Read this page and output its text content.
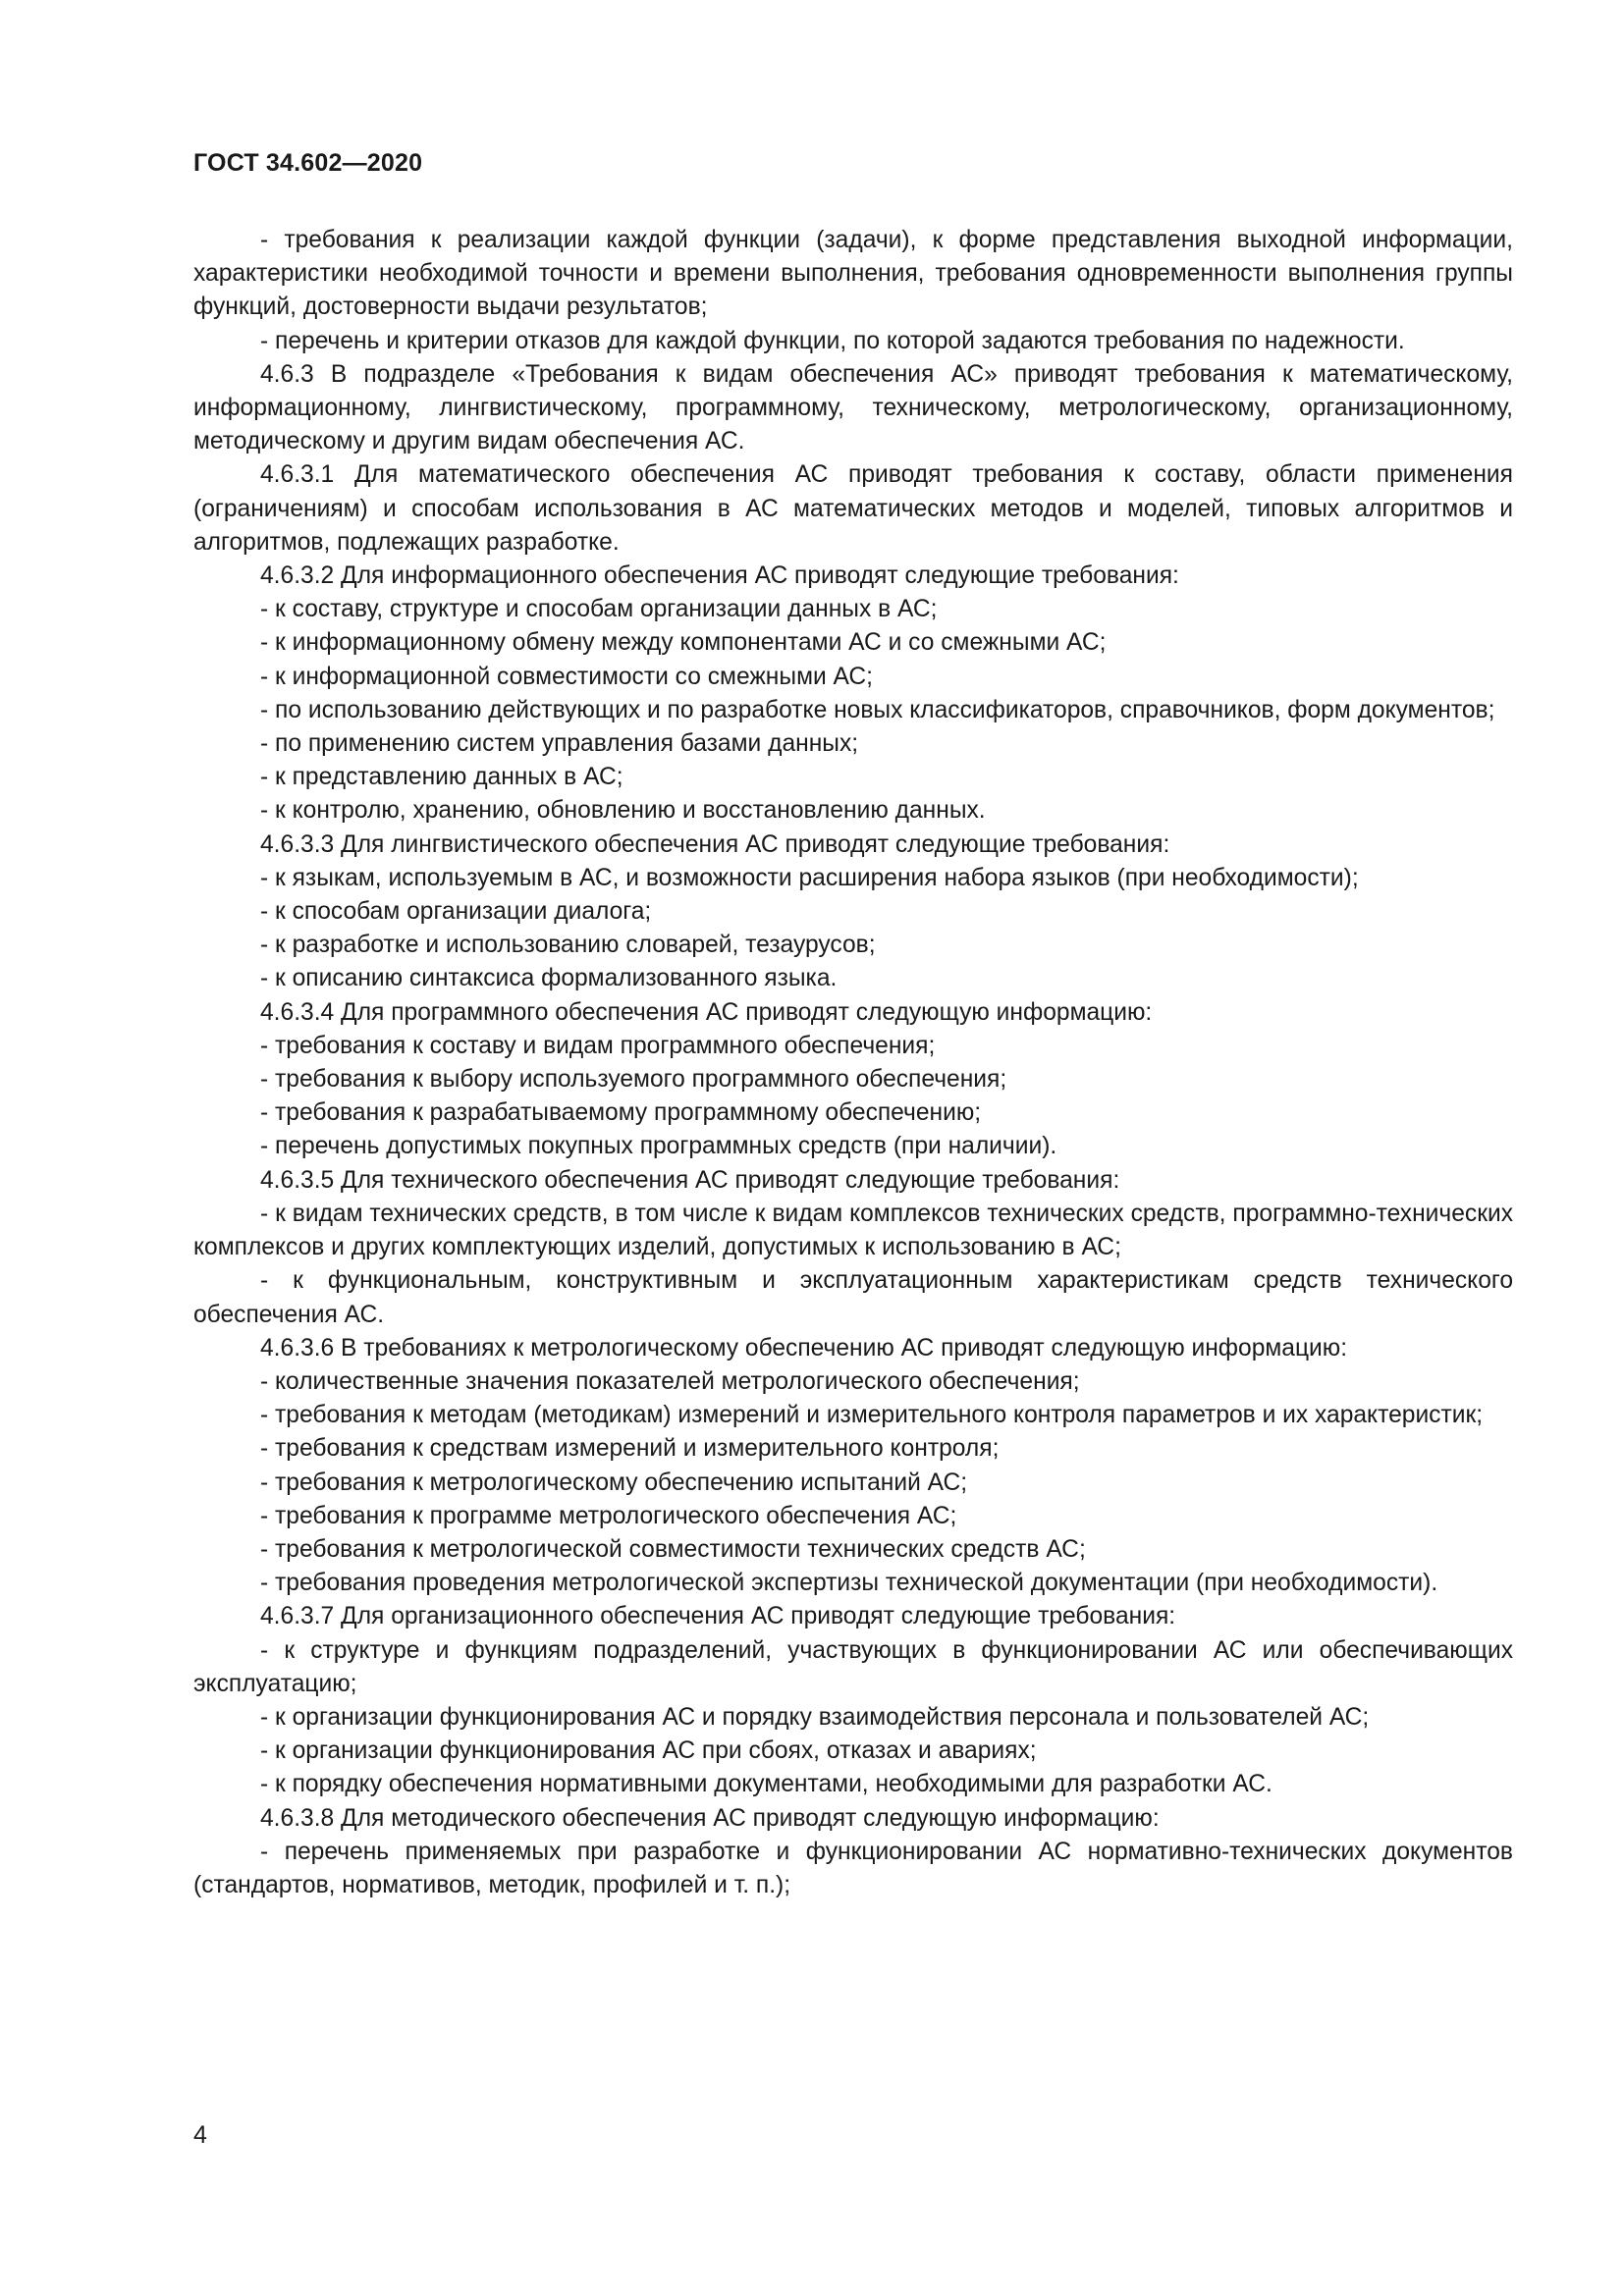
ГОСТ 34.602—2020

- требования к реализации каждой функции (задачи), к форме представления выходной информации, характеристики необходимой точности и времени выполнения, требования одновременности выполнения группы функций, достоверности выдачи результатов;

- перечень и критерии отказов для каждой функции, по которой задаются требования по надежности.

4.6.3 В подразделе «Требования к видам обеспечения АС» приводят требования к математическому, информационному, лингвистическому, программному, техническому, метрологическому, организационному, методическому и другим видам обеспечения АС.

4.6.3.1 Для математического обеспечения АС приводят требования к составу, области применения (ограничениям) и способам использования в АС математических методов и моделей, типовых алгоритмов и алгоритмов, подлежащих разработке.

4.6.3.2 Для информационного обеспечения АС приводят следующие требования:

- к составу, структуре и способам организации данных в АС;

- к информационному обмену между компонентами АС и со смежными АС;

- к информационной совместимости со смежными АС;

- по использованию действующих и по разработке новых классификаторов, справочников, форм документов;

- по применению систем управления базами данных;

- к представлению данных в АС;

- к контролю, хранению, обновлению и восстановлению данных.

4.6.3.3 Для лингвистического обеспечения АС приводят следующие требования:

- к языкам, используемым в АС, и возможности расширения набора языков (при необходимости);

- к способам организации диалога;

- к разработке и использованию словарей, тезаурусов;

- к описанию синтаксиса формализованного языка.

4.6.3.4 Для программного обеспечения АС приводят следующую информацию:

- требования к составу и видам программного обеспечения;

- требования к выбору используемого программного обеспечения;

- требования к разрабатываемому программному обеспечению;

- перечень допустимых покупных программных средств (при наличии).

4.6.3.5 Для технического обеспечения АС приводят следующие требования:

- к видам технических средств, в том числе к видам комплексов технических средств, программно-технических комплексов и других комплектующих изделий, допустимых к использованию в АС;

- к функциональным, конструктивным и эксплуатационным характеристикам средств технического обеспечения АС.

4.6.3.6 В требованиях к метрологическому обеспечению АС приводят следующую информацию:

- количественные значения показателей метрологического обеспечения;

- требования к методам (методикам) измерений и измерительного контроля параметров и их характеристик;

- требования к средствам измерений и измерительного контроля;

- требования к метрологическому обеспечению испытаний АС;

- требования к программе метрологического обеспечения АС;

- требования к метрологической совместимости технических средств АС;

- требования проведения метрологической экспертизы технической документации (при необходимости).

4.6.3.7 Для организационного обеспечения АС приводят следующие требования:

- к структуре и функциям подразделений, участвующих в функционировании АС или обеспечивающих эксплуатацию;

- к организации функционирования АС и порядку взаимодействия персонала и пользователей АС;

- к организации функционирования АС при сбоях, отказах и авариях;

- к порядку обеспечения нормативными документами, необходимыми для разработки АС.

4.6.3.8 Для методического обеспечения АС приводят следующую информацию:

- перечень применяемых при разработке и функционировании АС нормативно-технических документов (стандартов, нормативов, методик, профилей и т. п.);

4
